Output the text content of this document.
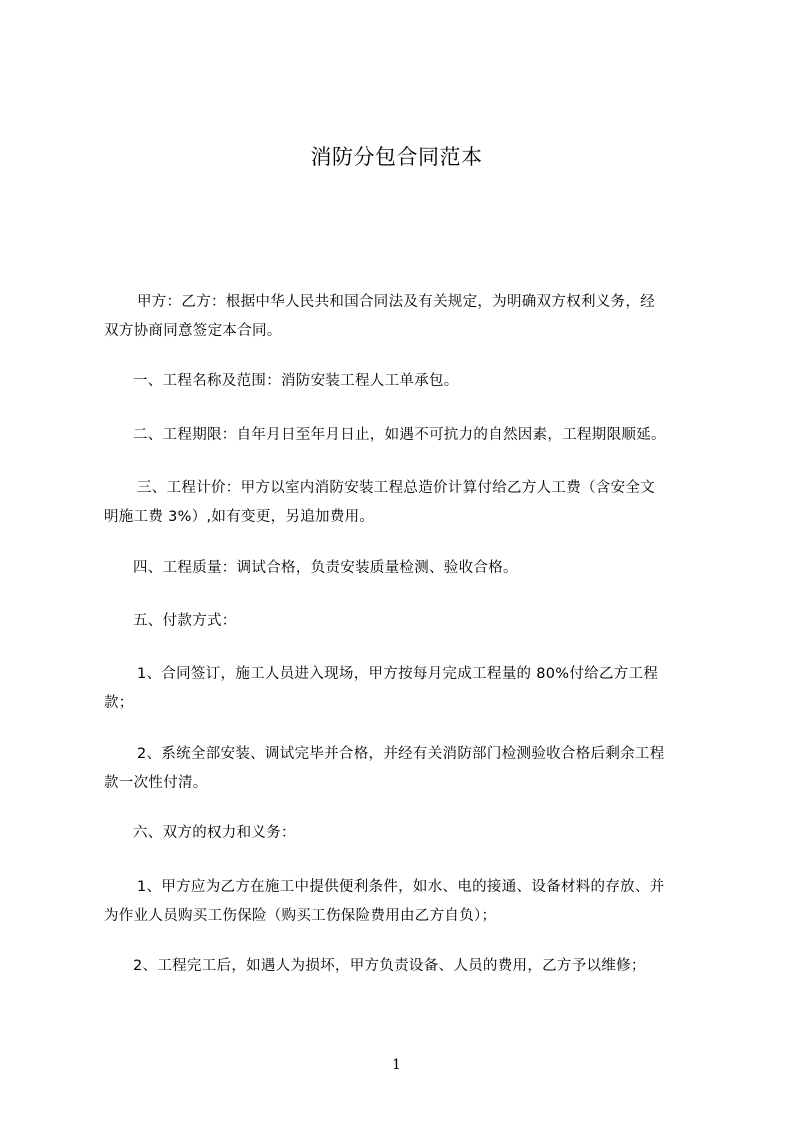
消防分包合同范本
甲方：乙方：根据中华人民共和国合同法及有关规定，为明确双方权利义务，经
双方协商同意签定本合同。
一、工程名称及范围：消防安装工程人工单承包。
二、工程期限：自年月日至年月日止，如遇不可抗力的自然因素，工程期限顺延。
三、工程计价：甲方以室内消防安装工程总造价计算付给乙方人工费（含安全文
明施工费 3%）,如有变更，另追加费用。
四、工程质量：调试合格，负责安装质量检测、验收合格。
五、付款方式：
1、合同签订，施工人员进入现场，甲方按每月完成工程量的 80%付给乙方工程
款；
2、系统全部安装、调试完毕并合格，并经有关消防部门检测验收合格后剩余工程
款一次性付清。
六、双方的权力和义务：
1、甲方应为乙方在施工中提供便利条件，如水、电的接通、设备材料的存放、并
为作业人员购买工伤保险（购买工伤保险费用由乙方自负）；
2、工程完工后，如遇人为损坏，甲方负责设备、人员的费用，乙方予以维修；
1
